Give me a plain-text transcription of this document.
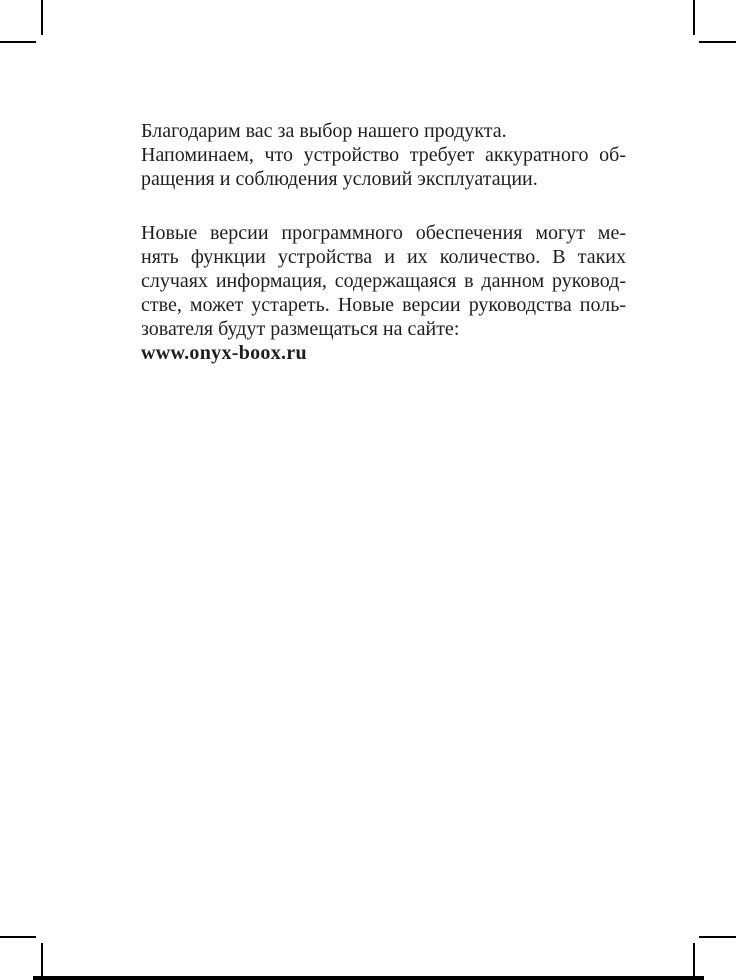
Благодарим вас за выбор нашего продукта.
Напоминаем, что устройство требует аккуратного об-
ращения и соблюдения условий эксплуатации.
Новые версии программного обеспечения могут ме-
нять функции устройства и их количество. В таких
случаях информация, содержащаяся в данном руковод-
стве, может устареть. Новые версии руководства поль-
зователя будут размещаться на сайте:
www.onyx-boox.ru
